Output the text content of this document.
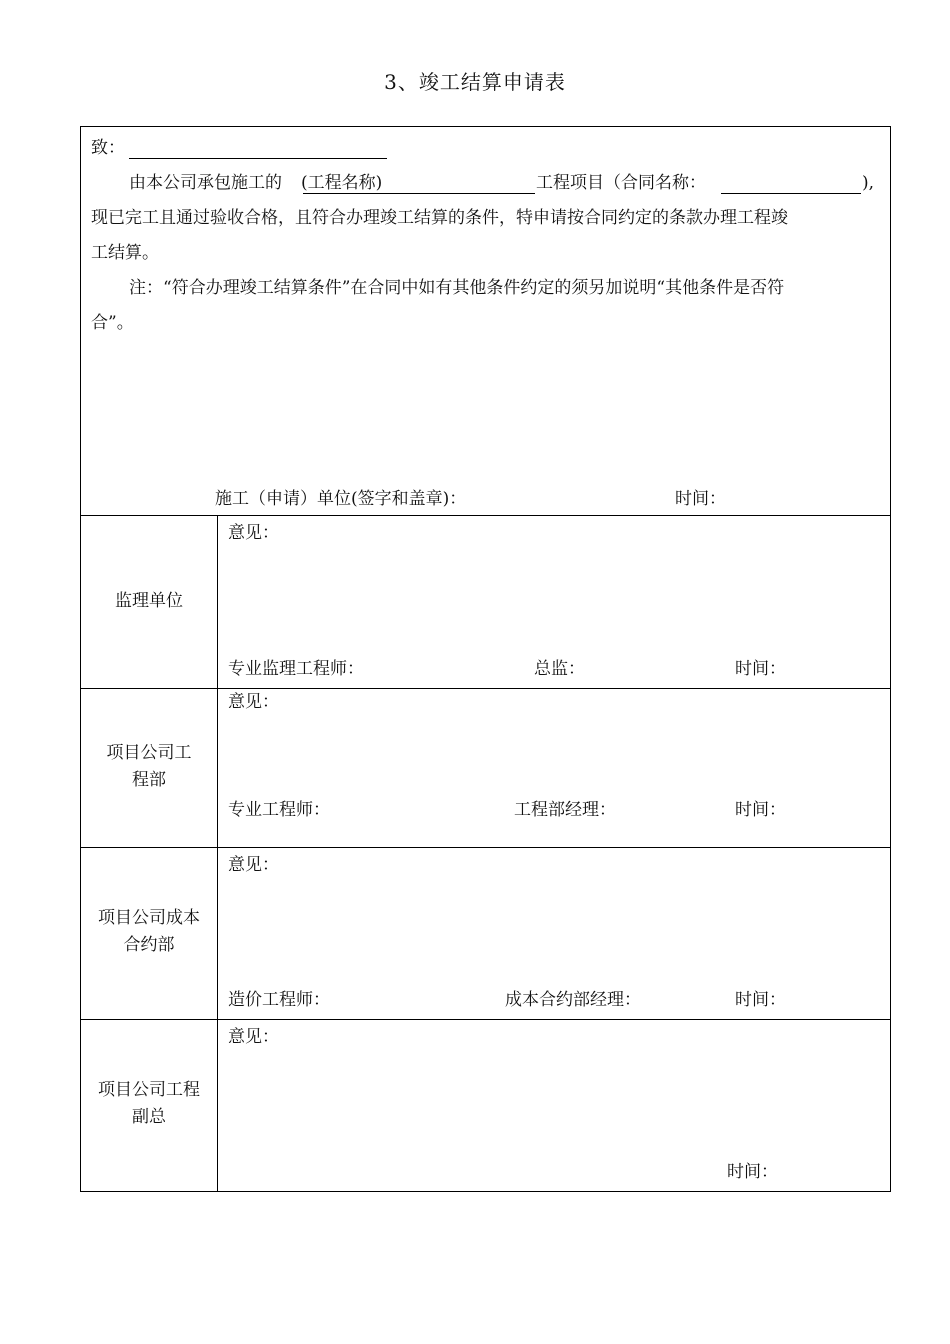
3、竣工结算申请表
致：
由本公司承包施工的 (工程名称)	工程项目（合同名称：	),
现已完工且通过验收合格，且符合办理竣工结算的条件，特申请按合同约定的条款办理工程竣
工结算。
注：“符合办理竣工结算条件”在合同中如有其他条件约定的须另加说明“其他条件是否符
合”。
施工（申请）单位(签字和盖章)：	时间：
监理单位
意见：
专业监理工程师：	总监：	时间：
项目公司工
程部
意见：
专业工程师：	工程部经理：	时间：
项目公司成本
合约部
意见：
造价工程师：	成本合约部经理：	时间：
项目公司工程
副总
意见：
时间：
